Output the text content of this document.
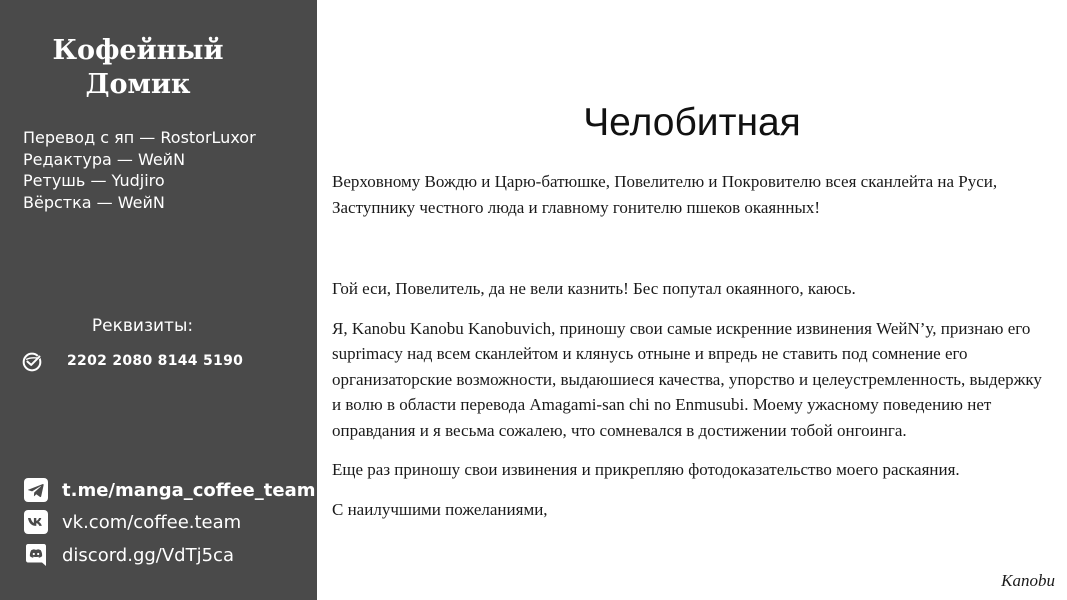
Кофейный
Домик
Перевод с яп — RostorLuxor
Редактура — WeйN
Ретушь — Yudjiro
Вёрстка — WeйN
Реквизиты:
2202 2080 8144 5190
t.me/manga_coffee_team
vk.com/coffee.team
discord.gg/VdTj5ca
Челобитная

Верховному Вождю и Царю-батюшке, Повелителю и Покровителю всея сканлейта на Руси, Заступнику честного люда и главному гонителю пшеков окаянных!

Гой еси, Повелитель, да не вели казнить! Бес попутал окаянного, каюсь.

Я, Kanobu Kanobu Kanobuvich, приношу свои самые искренние извинения WeйN’у, признаю его suprimacy над всем сканлейтом и клянусь отныне и впредь не ставить под сомнение его организаторские возможности, выдаюшиеся качества, упорство и целеустремленность, выдержку и волю в области перевода Amagami-san chi no Enmusubi. Моему ужасному поведению нет оправдания и я весьма сожалею, что сомневался в достижении тобой онгоинга.

Еще раз приношу свои извинения и прикрепляю фотодоказательство моего раскаяния.

С наилучшими пожеланиями,

Kanobu
